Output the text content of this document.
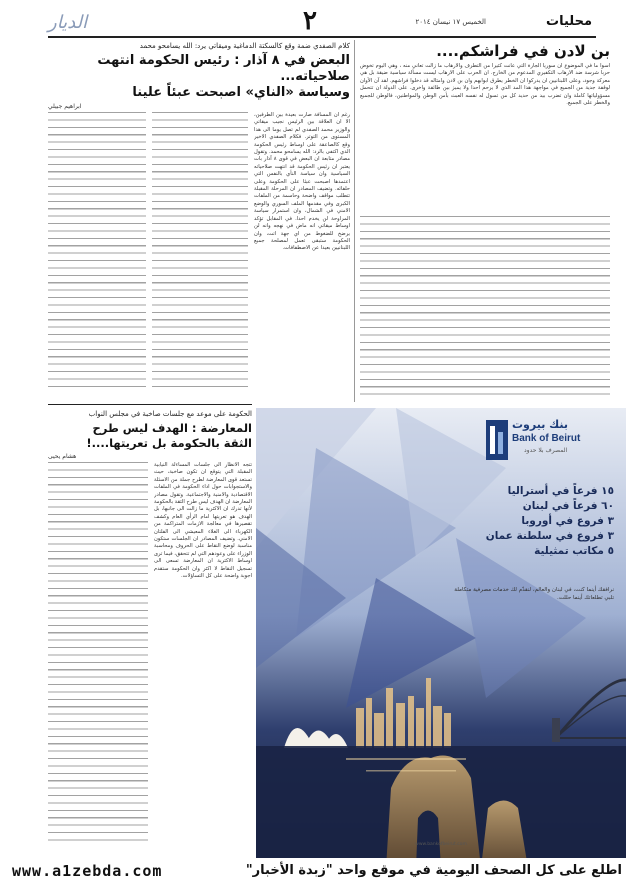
محليات
الخميس ١٧ نيسان ٢٠١٤
٢
الديار
بن لادن في فراشكم....
اسوأ ما في الموضوع ان سوريا الجارة التي عانت كثيرا من التطرف والارهاب ما زالت تعاني منه ، وهي اليوم تخوض حربا شرسة ضد الارهاب التكفيري المدعوم من الخارج. ان الحرب على الارهاب ليست مسألة سياسية ضيقة بل هي معركة وجود، وعلى اللبنانيين ان يدركوا ان الخطر يطرق ابوابهم وان بن لادن وامثاله قد دخلوا فراشهم. لقد آن الأوان لوقفة جدية من الجميع في مواجهة هذا المد الذي لا يرحم احدا ولا يميز بين طائفة واخرى. على الدولة ان تتحمل مسؤولياتها كاملة وان تضرب بيد من حديد كل من تسول له نفسه العبث بأمن الوطن والمواطنين، فالوطن للجميع والخطر على الجميع.
كلام الصفدي ضمة وقع كالسكتة الدماغية وميقاتي يرد: الله يسامحو محمد
البعض في ٨ آذار : رئيس الحكومة انتهت صلاحياته...
وسياسة «الناي» اصبحت عبئاً علينا
ابراهيم جبيلي
رغم ان المسافة صارت بعيدة بين الطرفين، الا ان العلاقة بين الرئيس نجيب ميقاتي والوزير محمد الصفدي لم تصل يوما الى هذا المستوى من التوتر. فكلام الصفدي الاخير وقع كالصاعقة على اوساط رئيس الحكومة الذي اكتفى بالرد: الله يسامحو محمد. وتقول مصادر متابعة ان البعض في قوى ٨ آذار بات يعتبر ان رئيس الحكومة قد انتهت صلاحياته السياسية وان سياسة النأي بالنفس التي اعتمدها اصبحت عبئا على الحكومة وعلى حلفائه. وتضيف المصادر ان المرحلة المقبلة تتطلب مواقف واضحة وحاسمة من الملفات الكبرى وفي مقدمها الملف السوري والوضع الامني في الشمال، وان استمرار سياسة المراوحة لن يخدم احدا. في المقابل تؤكد اوساط ميقاتي انه ماض في نهجه وانه لن يرضخ للضغوط من اي جهة اتت، وان الحكومة ستبقى تعمل لمصلحة جميع اللبنانيين بعيدا عن الاصطفافات.
الحكومة على موعد مع جلسات صاخبة في مجلس النواب
المعارضة : الهدف ليس طرح
الثقة بالحكومة بل تعريتها....!
هشام يحيى
تتجه الانظار الى جلسات المساءلة النيابية المقبلة التي يتوقع ان تكون صاخبة، حيث تستعد قوى المعارضة لطرح جملة من الاسئلة والاستجوابات حول اداء الحكومة في الملفات الاقتصادية والامنية والاجتماعية. وتقول مصادر المعارضة ان الهدف ليس طرح الثقة بالحكومة لأنها تدرك ان الاكثرية ما زالت الى جانبها، بل الهدف هو تعريتها امام الرأي العام وكشف تقصيرها في معالجة الازمات المتراكمة من الكهرباء الى الغلاء المعيشي الى الفلتان الامني. وتضيف المصادر ان الجلسات ستكون مناسبة لوضع النقاط على الحروف ومحاسبة الوزراء على وعودهم التي لم تتحقق، فيما ترى اوساط الاكثرية ان المعارضة تسعى الى تسجيل النقاط لا اكثر وان الحكومة ستقدم اجوبة واضحة على كل التساؤلات.
بنك بيروت
Bank of Beirut
المصرف بلا حدود
١٥ فرعاً في أستراليا
٦٠ فرعاً في لبنان
٣ فروع في أوروبا
٣ فروع في سلطنة عمان
٥ مكاتب تمثيلية
نرافقك أينما كنت، في لبنان والعالم، لنقدّم لك خدمات مصرفية متكاملة تلبي تطلعاتك أينما حللت.
www.bankofbeirut.com
www.a1zebda.com	اطلع على كل الصحف اليومية في موقع واحد "زبدة الأخبار"
